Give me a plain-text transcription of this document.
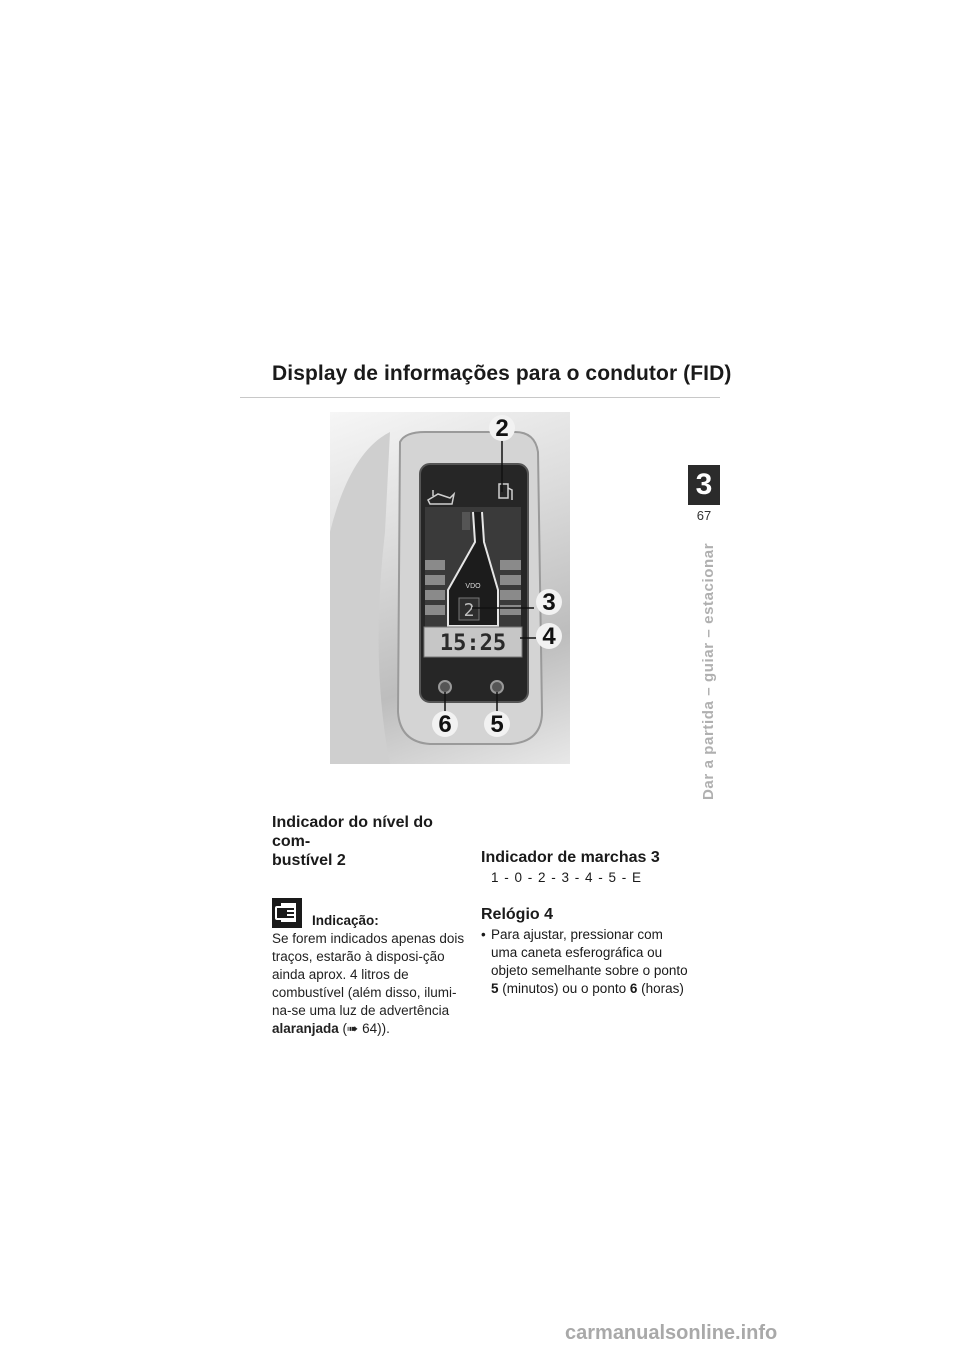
Display de informações para o condutor (FID)
3
67
Dar a partida – guiar – estacionar
VDO
2
15:25
2
3
4
5
6
Indicador do nível do com-
bustível 2
Indicação:

Se forem indicados apenas dois traços, estarão à disposi-ção ainda aprox. 4 litros de combustível (além disso, ilumi-na-se uma luz de advertência alaranjada (➠ 64)).

Indicador de marchas 3
1 - 0 - 2 - 3 - 4 - 5 - E
Relógio 4
• Para ajustar, pressionar com uma caneta esferográfica ou objeto semelhante sobre o ponto 5 (minutos) ou o ponto 6 (horas)
carmanualsonline.info
